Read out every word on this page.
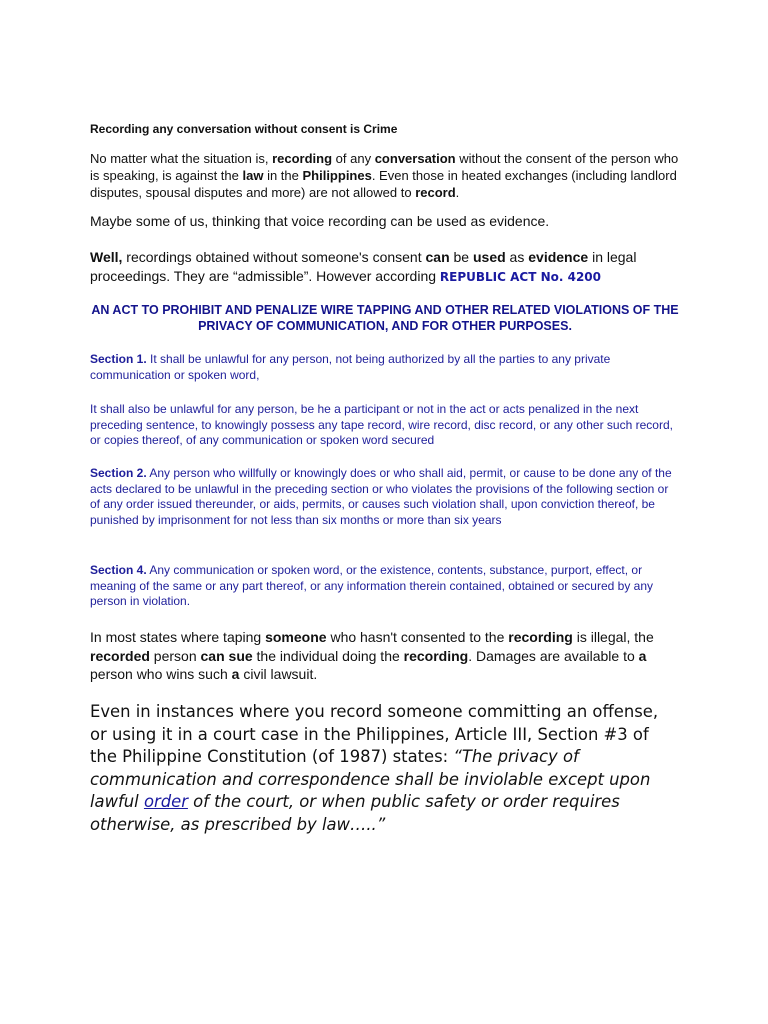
Recording any conversation without consent is Crime

No matter what the situation is, recording of any conversation without the consent of the person who is speaking, is against the law in the Philippines. Even those in heated exchanges (including landlord disputes, spousal disputes and more) are not allowed to record.

Maybe some of us, thinking that voice recording can be used as evidence.

Well, recordings obtained without someone's consent can be used as evidence in legal proceedings. They are “admissible”. However according REPUBLIC ACT No. 4200

AN ACT TO PROHIBIT AND PENALIZE WIRE TAPPING AND OTHER RELATED VIOLATIONS OF THE PRIVACY OF COMMUNICATION, AND FOR OTHER PURPOSES.

Section 1. It shall be unlawful for any person, not being authorized by all the parties to any private communication or spoken word,

It shall also be unlawful for any person, be he a participant or not in the act or acts penalized in the next preceding sentence, to knowingly possess any tape record, wire record, disc record, or any other such record, or copies thereof, of any communication or spoken word secured

Section 2. Any person who willfully or knowingly does or who shall aid, permit, or cause to be done any of the acts declared to be unlawful in the preceding section or who violates the provisions of the following section or of any order issued thereunder, or aids, permits, or causes such violation shall, upon conviction thereof, be punished by imprisonment for not less than six months or more than six years

Section 4. Any communication or spoken word, or the existence, contents, substance, purport, effect, or meaning of the same or any part thereof, or any information therein contained, obtained or secured by any person in violation.

In most states where taping someone who hasn't consented to the recording is illegal, the recorded person can sue the individual doing the recording. Damages are available to a person who wins such a civil lawsuit.

Even in instances where you record someone committing an offense, or using it in a court case in the Philippines, Article III, Section #3 of the Philippine Constitution (of 1987) states: “The privacy of communication and correspondence shall be inviolable except upon lawful order of the court, or when public safety or order requires otherwise, as prescribed by law…..”
